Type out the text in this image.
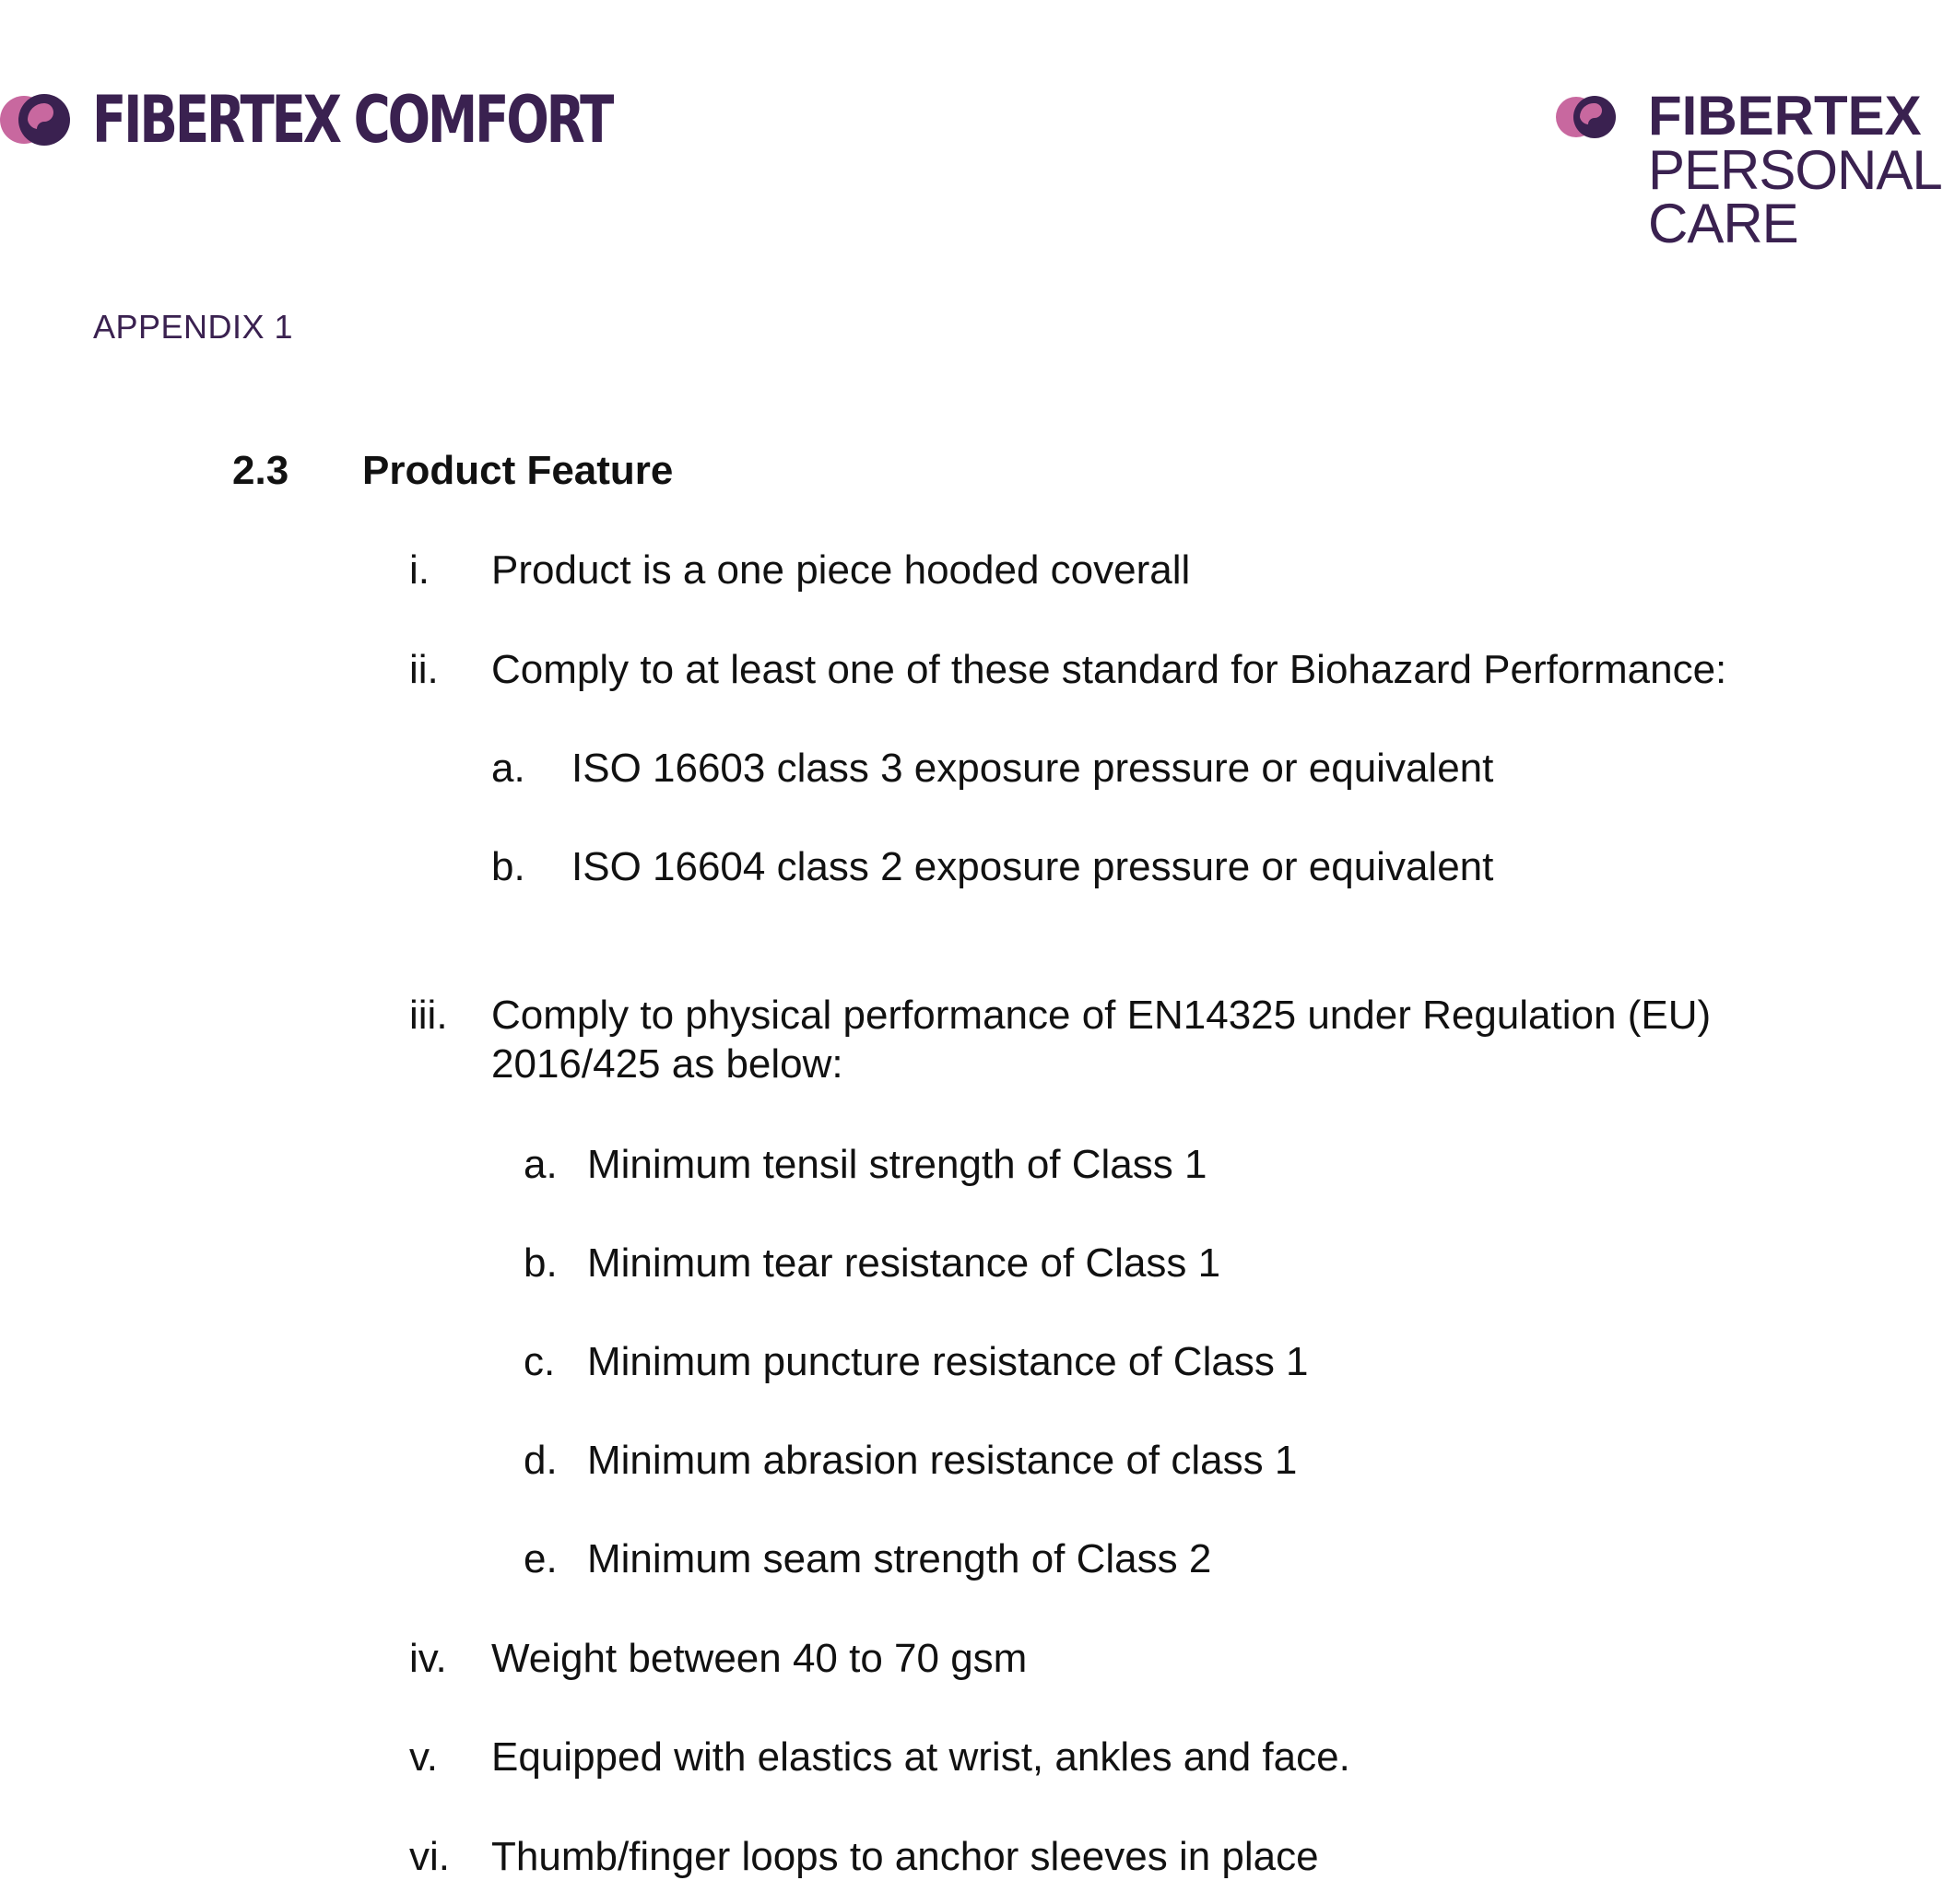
FIBERTEX COMFORT	FIBERTEX
PERSONAL
CARE
APPENDIX 1
2.3 Product Feature
i. Product is a one piece hooded coverall
ii. Comply to at least one of these standard for Biohazard Performance:
a. ISO 16603 class 3 exposure pressure or equivalent
b. ISO 16604 class 2 exposure pressure or equivalent
iii. Comply to physical performance of EN14325 under Regulation (EU)
2016/425 as below:
a. Minimum tensil strength of Class 1
b. Minimum tear resistance of Class 1
c. Minimum puncture resistance of Class 1
d. Minimum abrasion resistance of class 1
e. Minimum seam strength of Class 2
iv. Weight between 40 to 70 gsm
v. Equipped with elastics at wrist, ankles and face.
vi. Thumb/finger loops to anchor sleeves in place
